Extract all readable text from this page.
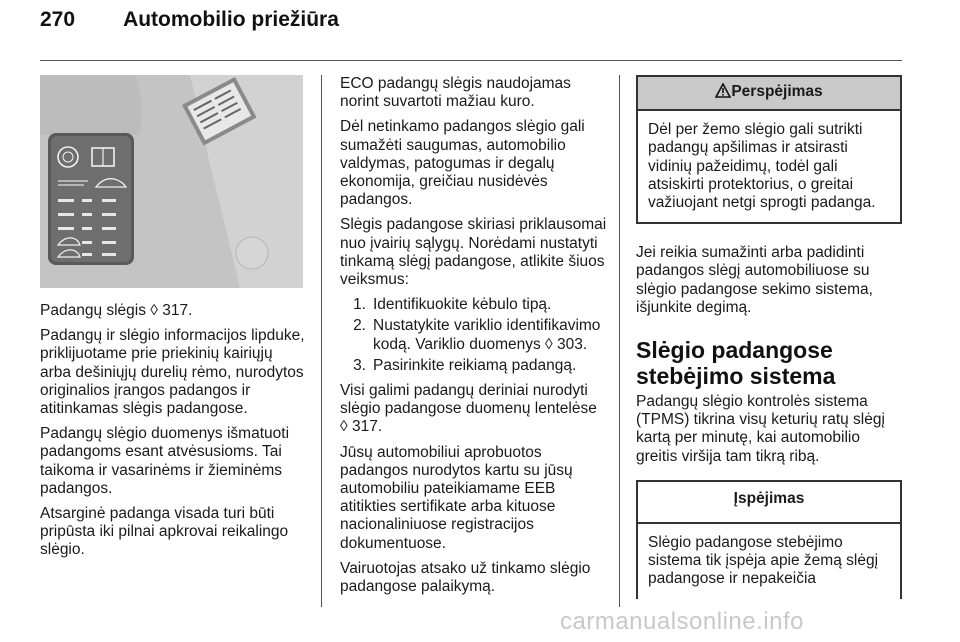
270 Automobilio priežiūra

Padangų slėgis ◊ 317.

Padangų ir slėgio informacijos lipduke, priklijuotame prie priekinių kairiųjų arba dešiniųjų durelių rėmo, nurodytos originalios įrangos padangos ir atitinkamas slėgis padangose.

Padangų slėgio duomenys išmatuoti padangoms esant atvėsusioms. Tai taikoma ir vasarinėms ir žieminėms padangos.

Atsarginė padanga visada turi būti pripūsta iki pilnai apkrovai reikalingo slėgio.

ECO padangų slėgis naudojamas norint suvartoti mažiau kuro.

Dėl netinkamo padangos slėgio gali sumažėti saugumas, automobilio valdymas, patogumas ir degalų ekonomija, greičiau nusidėvės padangos.

Slėgis padangose skiriasi priklausomai nuo įvairių sąlygų. Norėdami nustatyti tinkamą slėgį padangose, atlikite šiuos veiksmus:

1. Identifikuokite kėbulo tipą.
2. Nustatykite variklio identifikavimo kodą. Variklio duomenys ◊ 303.
3. Pasirinkite reikiamą padangą.

Visi galimi padangų deriniai nurodyti slėgio padangose duomenų lentelėse ◊ 317.

Jūsų automobiliui aprobuotos padangos nurodytos kartu su jūsų automobiliu pateikiamame EEB atitikties sertifikate arba kituose nacionaliniuose registracijos dokumentuose.

Vairuotojas atsako už tinkamo slėgio padangose palaikymą.

Perspėjimas
Dėl per žemo slėgio gali sutrikti padangų apšilimas ir atsirasti vidinių pažeidimų, todėl gali atsiskirti protektorius, o greitai važiuojant netgi sprogti padanga.

Jei reikia sumažinti arba padidinti padangos slėgį automobiliuose su slėgio padangose sekimo sistema, išjunkite degimą.

Slėgio padangose stebėjimo sistema

Padangų slėgio kontrolės sistema (TPMS) tikrina visų keturių ratų slėgį kartą per minutę, kai automobilio greitis viršija tam tikrą ribą.

Įspėjimas
Slėgio padangose stebėjimo sistema tik įspėja apie žemą slėgį padangose ir nepakeičia
carmanualsonline.info
